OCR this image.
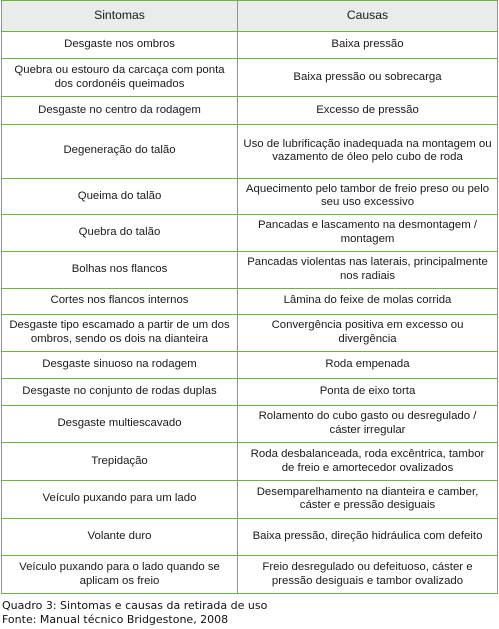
Sintomas	Causas
Desgaste nos ombros	Baixa pressão
Quebra ou estouro da carcaça com ponta dos cordonéis queimados	Baixa pressão ou sobrecarga
Desgaste no centro da rodagem	Excesso de pressão
Degeneração do talão	Uso de lubrificação inadequada na montagem ou vazamento de óleo pelo cubo de roda
Queima do talão	Aquecimento pelo tambor de freio preso ou pelo seu uso excessivo
Quebra do talão	Pancadas e lascamento na desmontagem / montagem
Bolhas nos flancos	Pancadas violentas nas laterais, principalmente nos radiais
Cortes nos flancos internos	Lâmina do feixe de molas corrida
Desgaste tipo escamado a partir de um dos ombros, sendo os dois na dianteira	Convergência positiva em excesso ou divergência
Desgaste sinuoso na rodagem	Roda empenada
Desgaste no conjunto de rodas duplas	Ponta de eixo torta
Desgaste multiescavado	Rolamento do cubo gasto ou desregulado / cáster irregular
Trepidação	Roda desbalanceada, roda excêntrica, tambor de freio e amortecedor ovalizados
Veículo puxando para um lado	Desemparelhamento na dianteira e camber, cáster e pressão desiguais
Volante duro	Baixa pressão, direção hidráulica com defeito
Veículo puxando para o lado quando se aplicam os freio	Freio desregulado ou defeituoso, cáster e pressão desiguais e tambor ovalizado
Quadro 3: Sintomas e causas da retirada de uso
Fonte: Manual técnico Bridgestone, 2008
